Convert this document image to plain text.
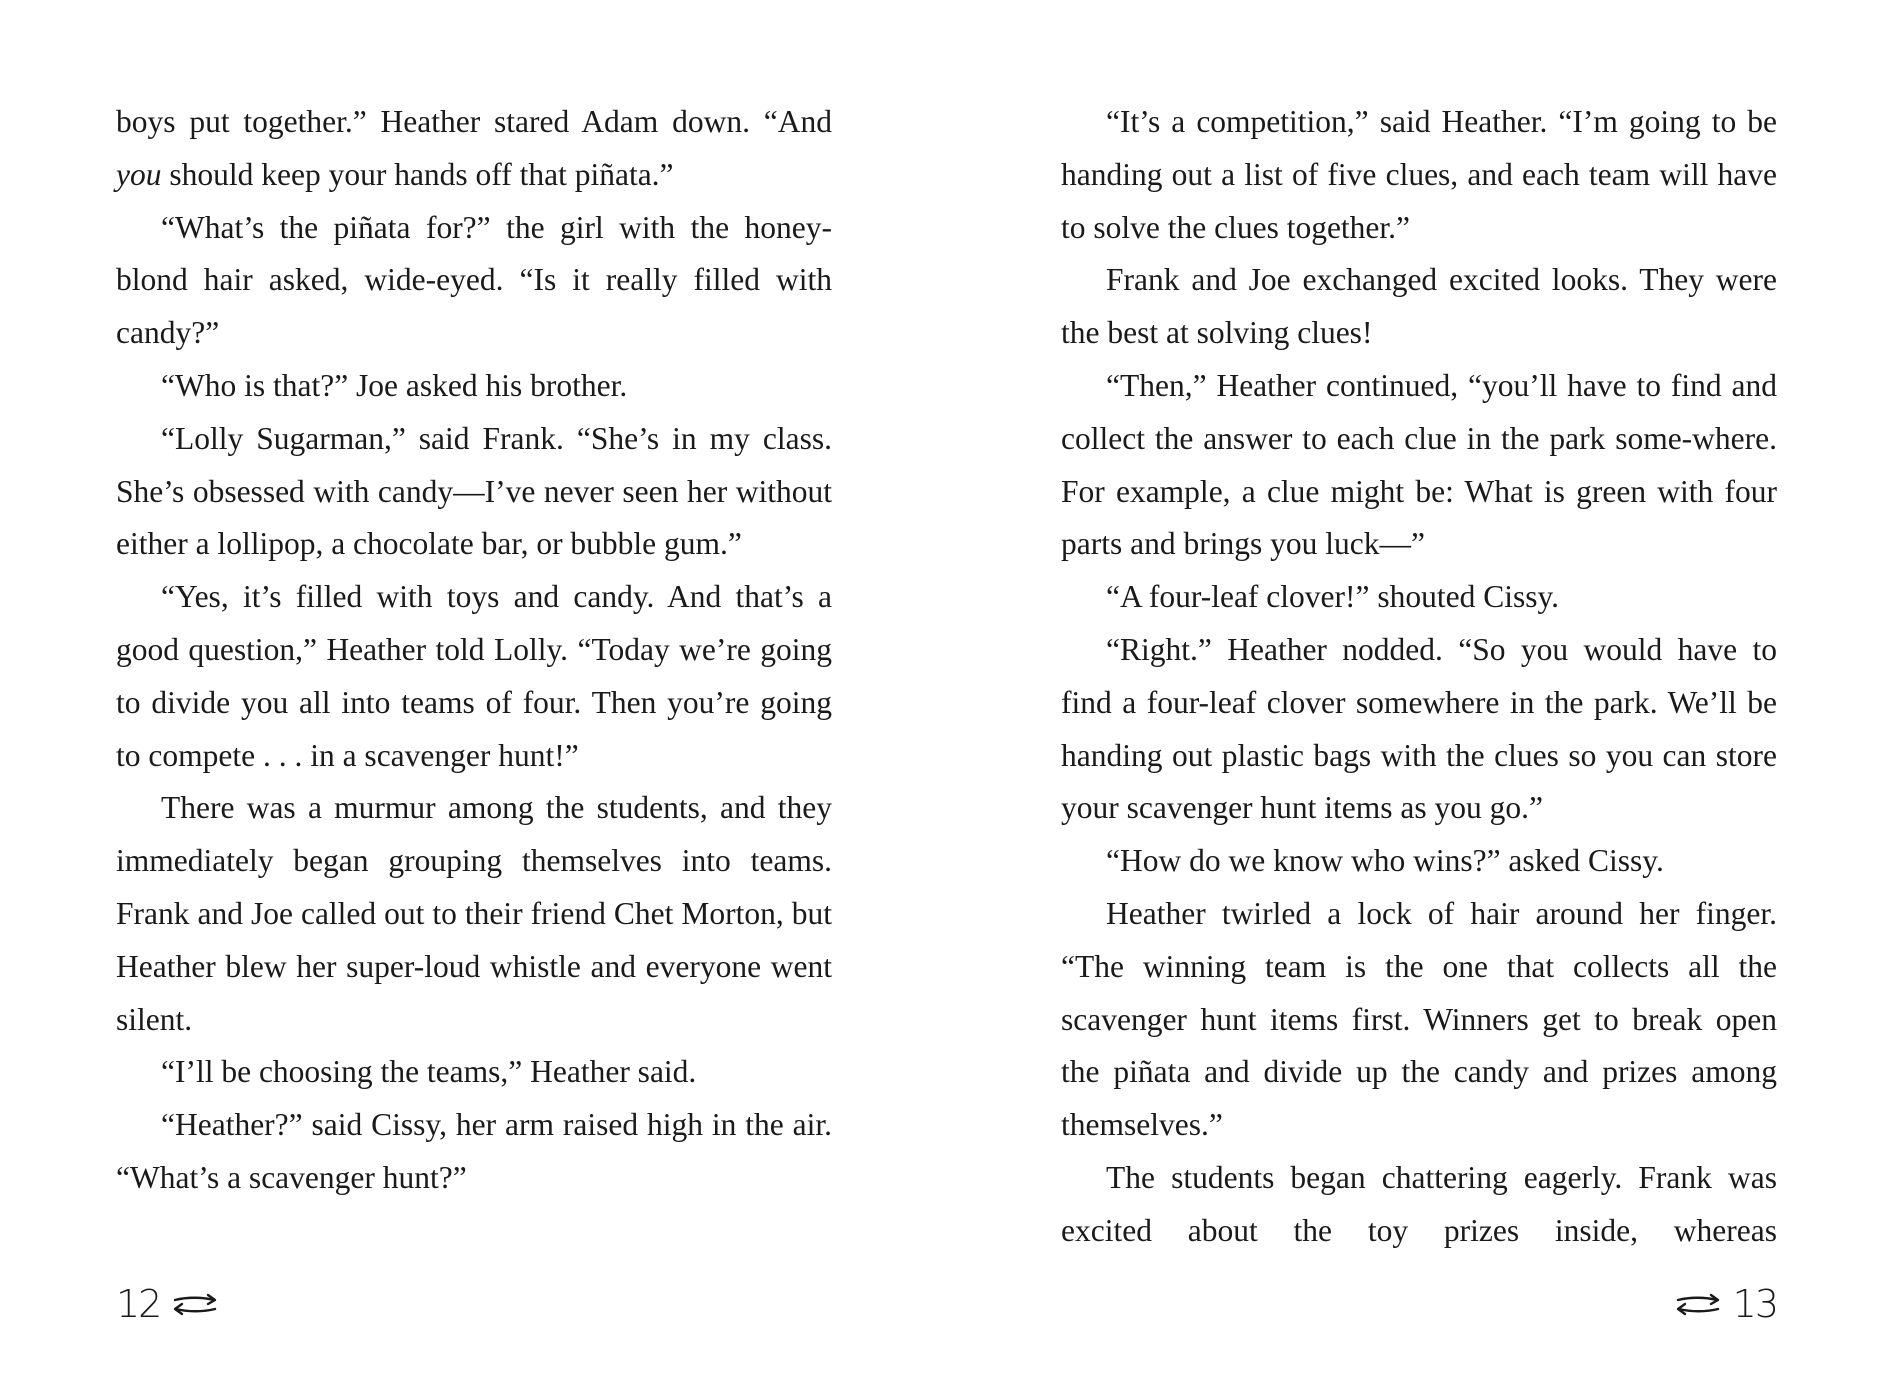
boys put together.” Heather stared Adam down. “And you should keep your hands off that piñata.”

“What’s the piñata for?” the girl with the honey-blond hair asked, wide-eyed. “Is it really filled with candy?”

“Who is that?” Joe asked his brother.

“Lolly Sugarman,” said Frank. “She’s in my class. She’s obsessed with candy—I’ve never seen her without either a lollipop, a chocolate bar, or bubble gum.”

“Yes, it’s filled with toys and candy. And that’s a good question,” Heather told Lolly. “Today we’re going to divide you all into teams of four. Then you’re going to compete . . . in a scavenger hunt!”

There was a murmur among the students, and they immediately began grouping themselves into teams. Frank and Joe called out to their friend Chet Morton, but Heather blew her super-loud whistle and everyone went silent.

“I’ll be choosing the teams,” Heather said.

“Heather?” said Cissy, her arm raised high in the air. “What’s a scavenger hunt?”

12

“It’s a competition,” said Heather. “I’m going to be handing out a list of five clues, and each team will have to solve the clues together.”

Frank and Joe exchanged excited looks. They were the best at solving clues!

“Then,” Heather continued, “you’ll have to find and collect the answer to each clue in the park some-where. For example, a clue might be: What is green with four parts and brings you luck—”

“A four-leaf clover!” shouted Cissy.

“Right.” Heather nodded. “So you would have to find a four-leaf clover somewhere in the park. We’ll be handing out plastic bags with the clues so you can store your scavenger hunt items as you go.”

“How do we know who wins?” asked Cissy.

Heather twirled a lock of hair around her finger. “The winning team is the one that collects all the scavenger hunt items first. Winners get to break open the piñata and divide up the candy and prizes among themselves.”

The students began chattering eagerly. Frank was excited about the toy prizes inside, whereas

13
